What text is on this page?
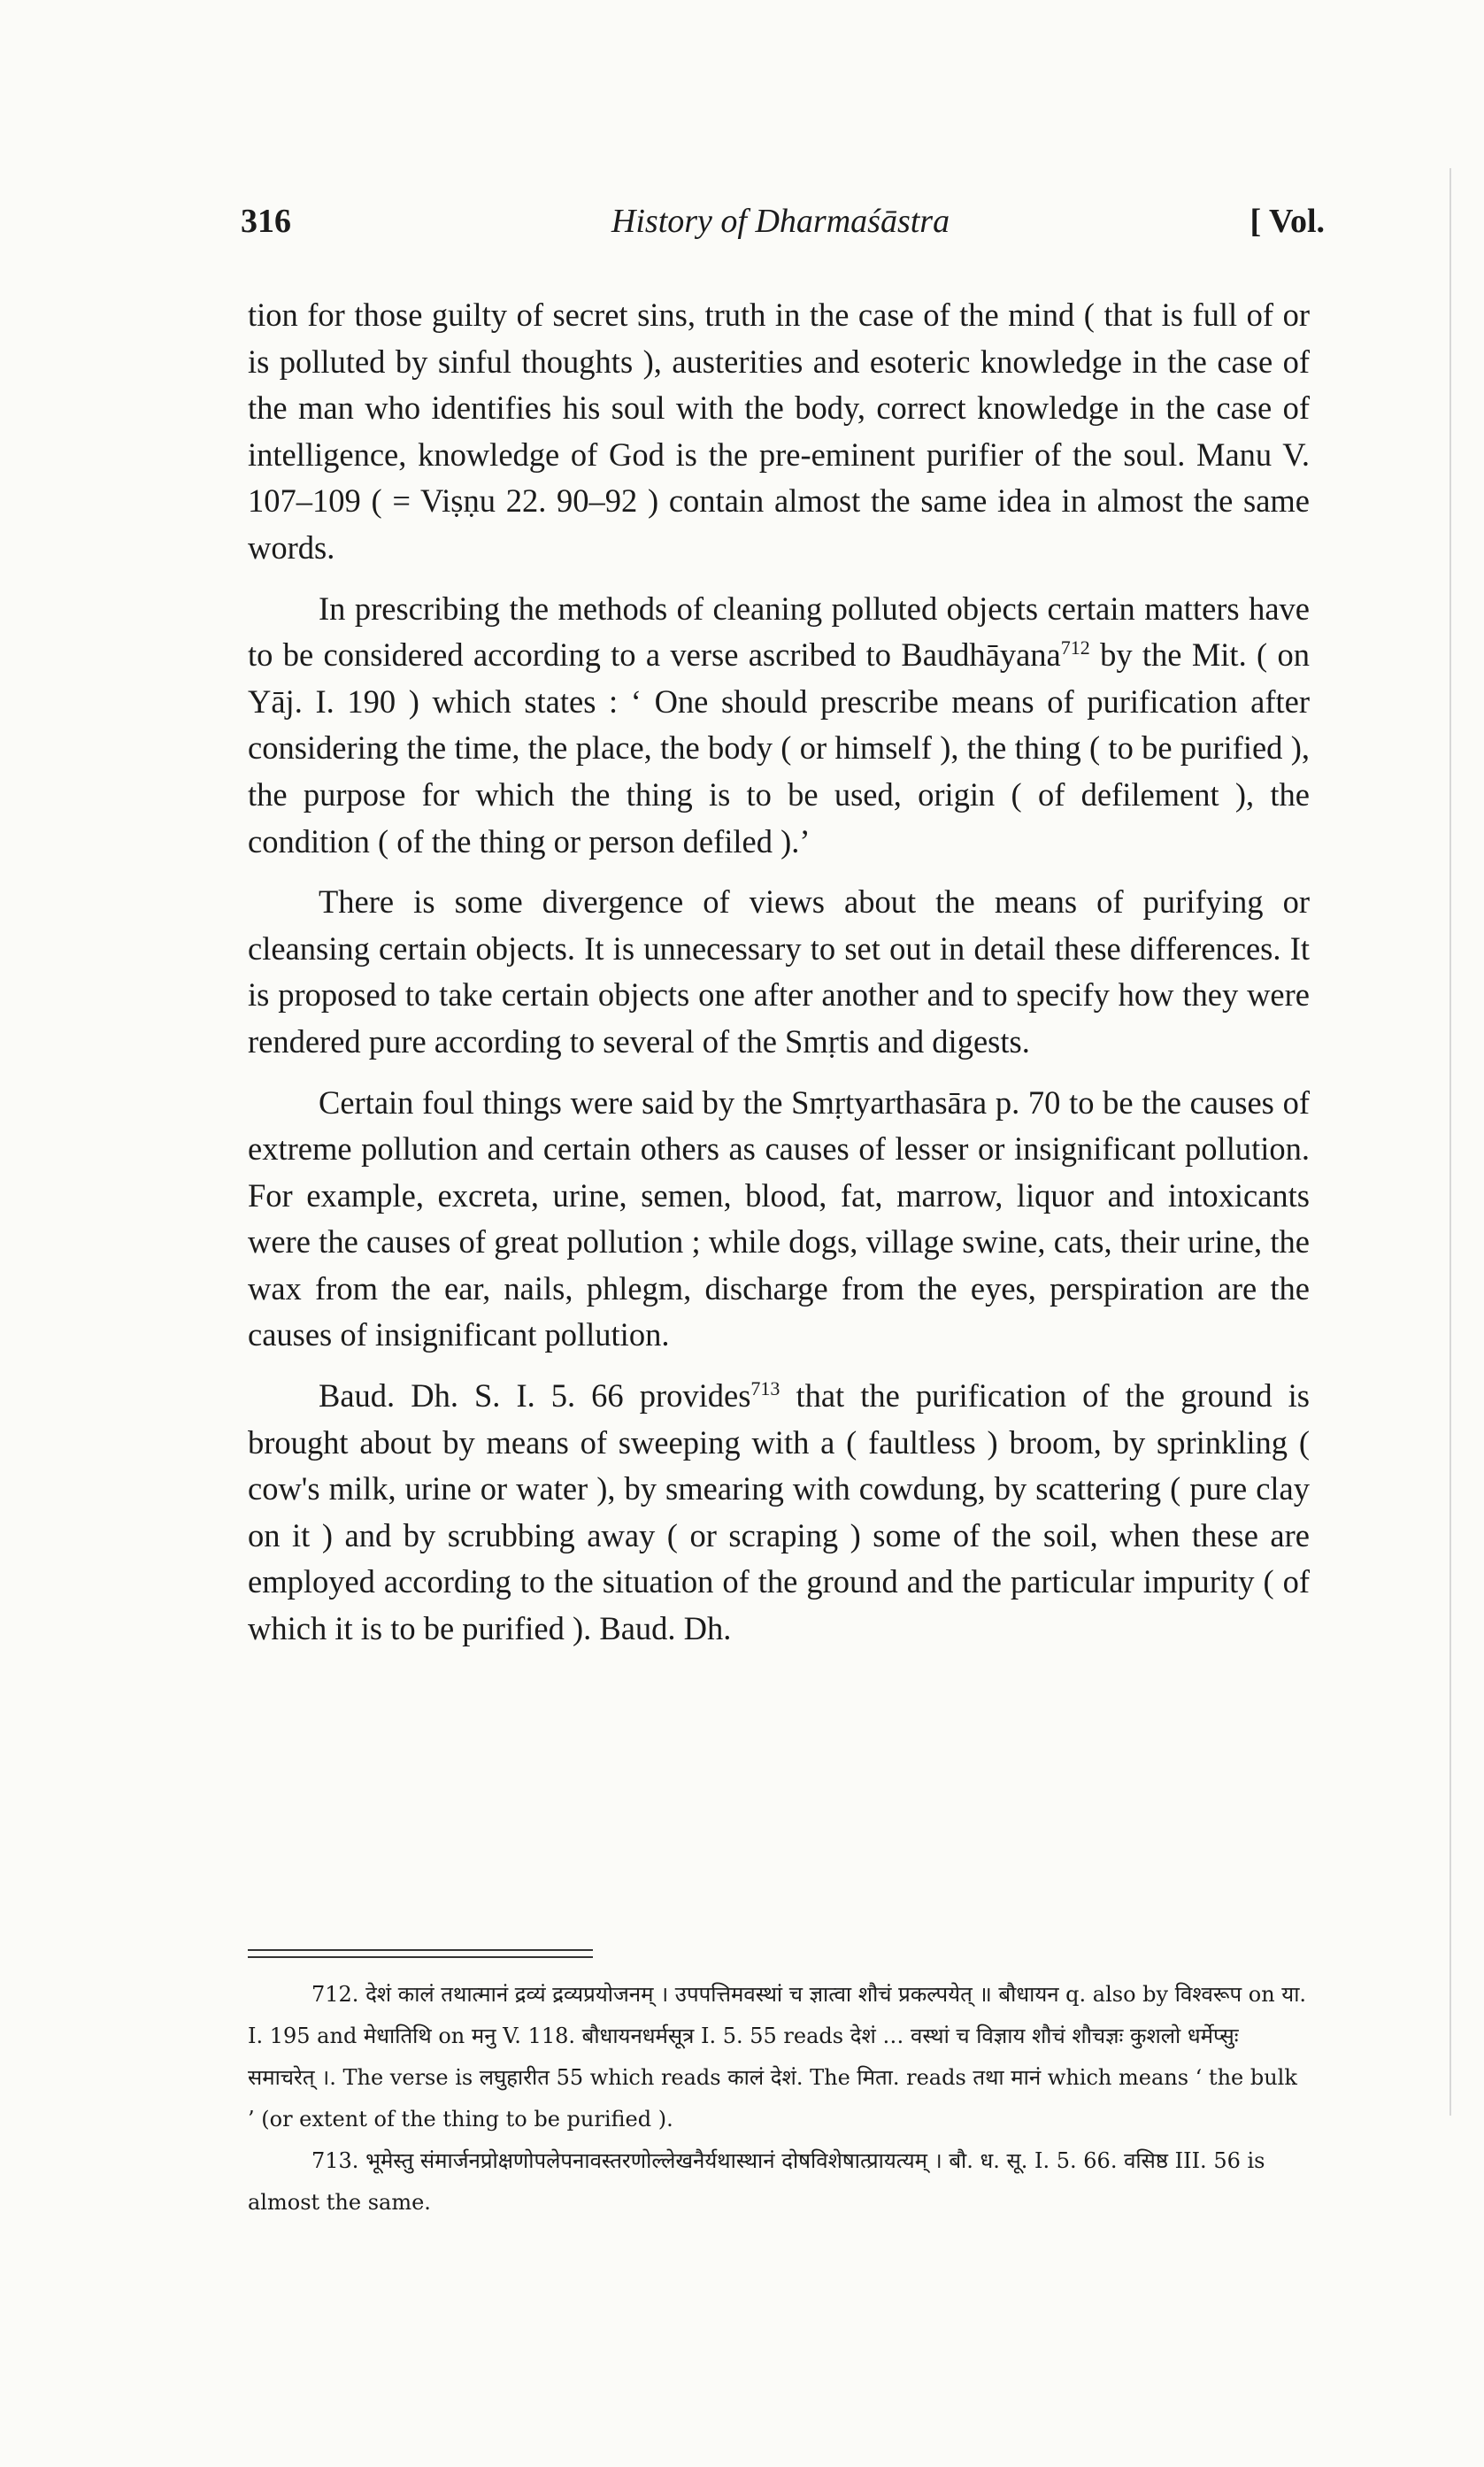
316	History of Dharmaśāstra	[ Vol.

tion for those guilty of secret sins, truth in the case of the mind ( that is full of or is polluted by sinful thoughts ), austerities and esoteric knowledge in the case of the man who identifies his soul with the body, correct knowledge in the case of intelligence, knowledge of God is the pre-eminent purifier of the soul. Manu V. 107–109 ( = Viṣṇu 22. 90–92 ) contain almost the same idea in almost the same words.

In prescribing the methods of cleaning polluted objects certain matters have to be considered according to a verse ascribed to Baudhāyana$^{712}$ by the Mit. ( on Yāj. I. 190 ) which states : ‘ One should prescribe means of purification after considering the time, the place, the body ( or himself ), the thing ( to be purified ), the purpose for which the thing is to be used, origin ( of defilement ), the condition ( of the thing or person defiled ).’

There is some divergence of views about the means of purifying or cleansing certain objects. It is unnecessary to set out in detail these differences. It is proposed to take certain objects one after another and to specify how they were rendered pure according to several of the Smṛtis and digests.

Certain foul things were said by the Smṛtyarthasāra p. 70 to be the causes of extreme pollution and certain others as causes of lesser or insignificant pollution. For example, excreta, urine, semen, blood, fat, marrow, liquor and intoxicants were the causes of great pollution ; while dogs, village swine, cats, their urine, the wax from the ear, nails, phlegm, discharge from the eyes, perspiration are the causes of insignificant pollution.

Baud. Dh. S. I. 5. 66 provides$^{713}$ that the purification of the ground is brought about by means of sweeping with a ( faultless ) broom, by sprinkling ( cow's milk, urine or water ), by smearing with cowdung, by scattering ( pure clay on it ) and by scrubbing away ( or scraping ) some of the soil, when these are employed according to the situation of the ground and the particular impurity ( of which it is to be purified ). Baud. Dh.

712. देशं कालं तथात्मानं द्रव्यं द्रव्यप्रयोजनम् । उपपत्तिमवस्थां च ज्ञात्वा शौचं प्रकल्पयेत् ॥ बौधायन q. also by विश्वरूप on या. I. 195 and मेधातिथि on मनु V. 118. बौधायनधर्मसूत्र I. 5. 55 reads देशं … वस्थां च विज्ञाय शौचं शौचज्ञः कुशलो धर्मेप्सुः समाचरेत् ।. The verse is लघुहारीत 55 which reads कालं देशं. The मिता. reads तथा मानं which means ‘ the bulk ’ (or extent of the thing to be purified ).

713. भूमेस्तु संमार्जनप्रोक्षणोपलेपनावस्तरणोल्लेखनैर्यथास्थानं दोषविशेषात्प्रायत्यम् । बौ. ध. सू. I. 5. 66. वसिष्ठ III. 56 is almost the same.
